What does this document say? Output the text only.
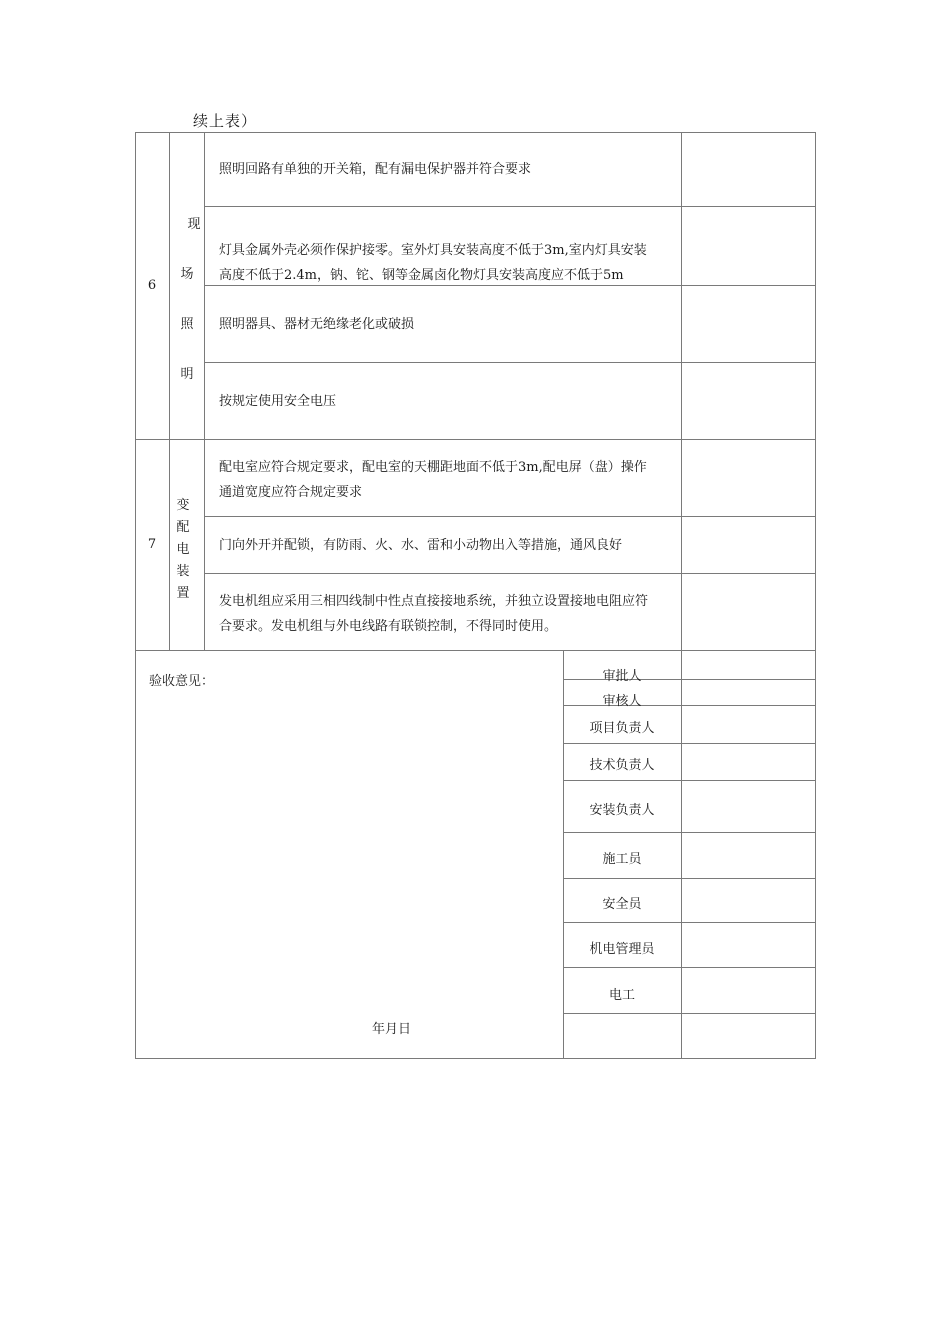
续上表）
6
现
场
照
明
照明回路有单独的开关箱，配有漏电保护器并符合要求
灯具金属外壳必须作保护接零。室外灯具安装高度不低于3m,室内灯具安装
高度不低于2.4m，钠、铊、钢等金属卤化物灯具安装高度应不低于5m
照明器具、器材无绝缘老化或破损
按规定使用安全电压
7
变
配
电
装
置
配电室应符合规定要求，配电室的天棚距地面不低于3m,配电屏（盘）操作
通道宽度应符合规定要求
门向外开并配锁，有防雨、火、水、雷和小动物出入等措施，通风良好
发电机组应采用三相四线制中性点直接接地系统，并独立设置接地电阻应符
合要求。发电机组与外电线路有联锁控制，不得同时使用。
验收意见：
年月日
审批人
审核人
项目负责人
技术负责人
安装负责人
施工员
安全员
机电管理员
电工
